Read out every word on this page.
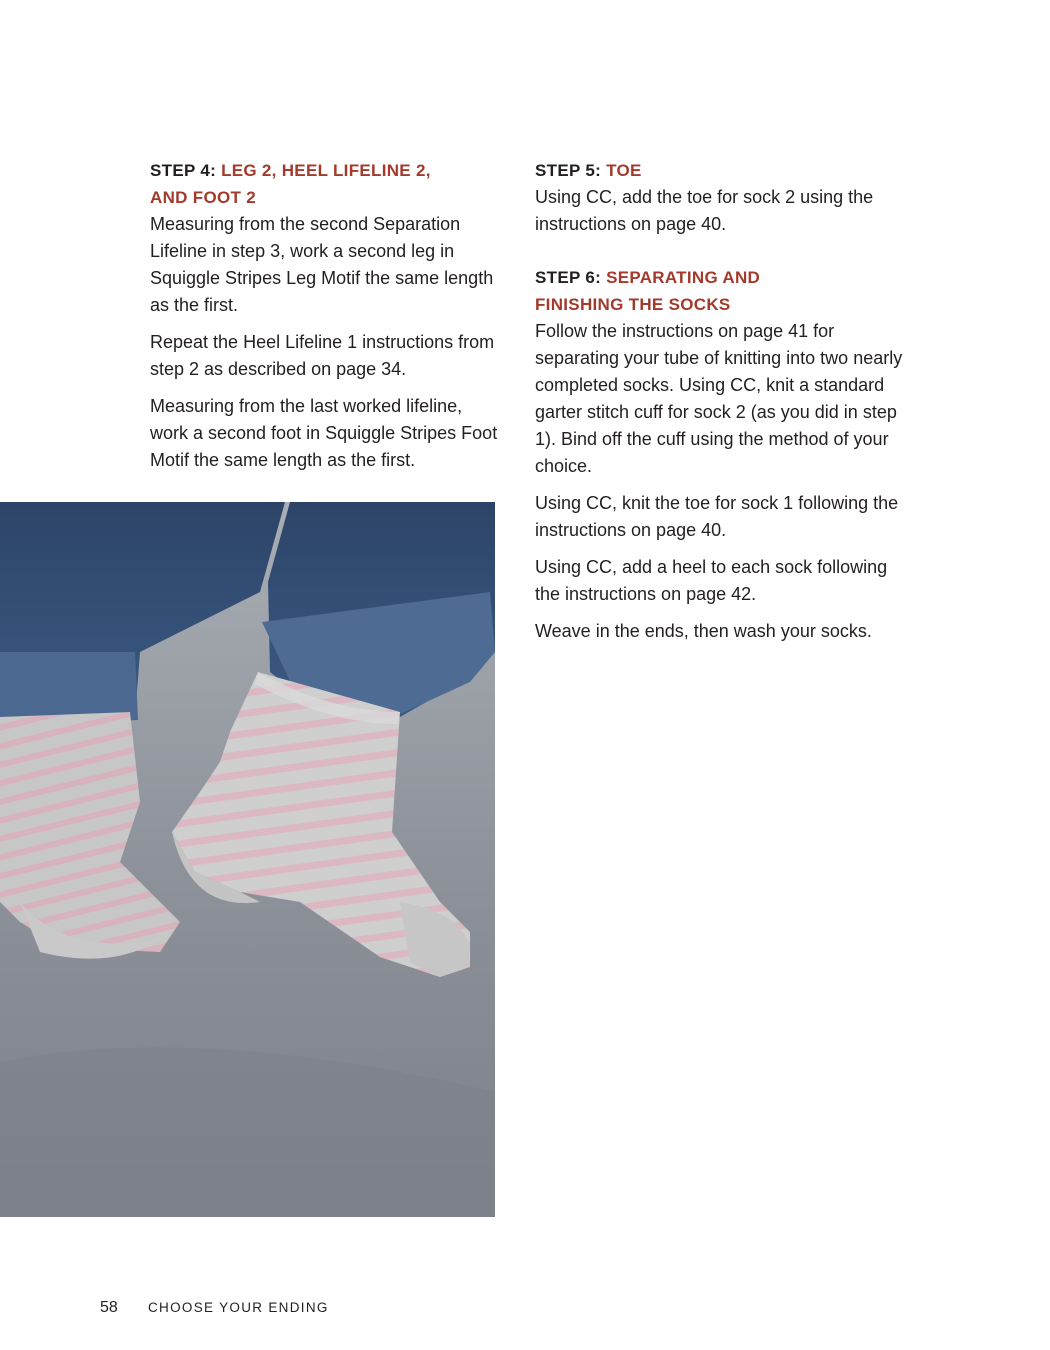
STEP 4: LEG 2, HEEL LIFELINE 2,
AND FOOT 2

Measuring from the second Separation Lifeline in step 3, work a second leg in Squiggle Stripes Leg Motif the same length as the first.

Repeat the Heel Lifeline 1 instructions from step 2 as described on page 34.

Measuring from the last worked lifeline, work a second foot in Squiggle Stripes Foot Motif the same length as the first.

STEP 5: TOE

Using CC, add the toe for sock 2 using the instructions on page 40.

STEP 6: SEPARATING AND
FINISHING THE SOCKS

Follow the instructions on page 41 for separating your tube of knitting into two nearly completed socks. Using CC, knit a standard garter stitch cuff for sock 2 (as you did in step 1). Bind off the cuff using the method of your choice.

Using CC, knit the toe for sock 1 following the instructions on page 40.

Using CC, add a heel to each sock following the instructions on page 42.

Weave in the ends, then wash your socks.

58 CHOOSE YOUR ENDING
